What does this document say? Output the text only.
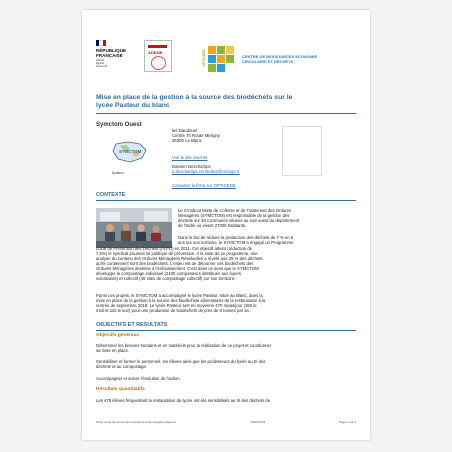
RÉPUBLIQUE
FRANÇAISE
Liberté
Égalité
Fraternité
ADEME	OPTIGEDE	CENTRE DE RESSOURCES ECONOMIE
CIRCULAIRE ET DECHETS
Mise en place de la gestion à la source des biodéchets sur le
lycée Pasteur du blanc
Symctom Ouest
SYMCTOM
les Daudours
Centre Tri Route Merigny
36300 Le Blanc
Voir le site internet
Auteur:
Damien Deschamps
d.deschamps.centredetr@orange.fr
Consulter la fiche sur OPTIGEDE
CONTEXTE
Le SYndicat Mixte de Collecte et de Traitement des Ordures
Ménagères (SYMCTOM) est responsable de la gestion des
déchets sur 45 communes situées au sud-ouest du département
de l'Indre où vivent 27000 habitants.
Dans le but de réduire la production des déchets de 7 % en 5
ans sur son territoire, le SYMCTOM a engagé un Programme
Local de Prévention des Déchets (PLPD) en 2011. Cet objectif atteint (réduction de
7,5%) le syndicat poursuit sa politique de prévention. A la suite de ce programme, une
analyse du contenu des Ordures Ménagères Résiduelles a révélé que 25 % des déchets
qu'ils contiennent sont des biodéchets. L'enjeu est de détourner ces biodéchets des
Ordures Ménagères destinés à l'enfouissement. C'est dans ce sens que le SYMCTOM
développe le compostage individuel (2430 composteurs distribués aux foyers
volontaires) et collectif (45 sites de compostage collectif) sur son territoire.
Parmi ces projets, le SYMCTOM a accompagné le lycée Pasteur, situé au Blanc, dans la
mise en place de la gestion à la source des biodéchets alimentaires de la restauration à la
rentrée de septembre 2018. Le lycée Pasteur sert en moyenne 470 repas/jour (360 le
midi et 110 le soir) pour une production de biodéchets de près de 8 tonnes par an.
OBJECTIFS ET RESULTATS
Objectifs généraux
Déterminer les besoins humains et en matériels pour la réalisation de ce projet et coordonner
sa mise en place.
Sensibiliser et former le personnel, les élèves ainsi que les professeurs du lycée au tri des
déchets et au compostage.
Accompagner et suivre l'évolution de l'action.
Résultats quantitatifs
Les 475 élèves fréquentant la restauration du lycée ont été sensibilisés au tri des déchets de
Fiche issue du centre de ressources www.optigede.ademe.fr	16/09/2024	Page 1 sur 4
